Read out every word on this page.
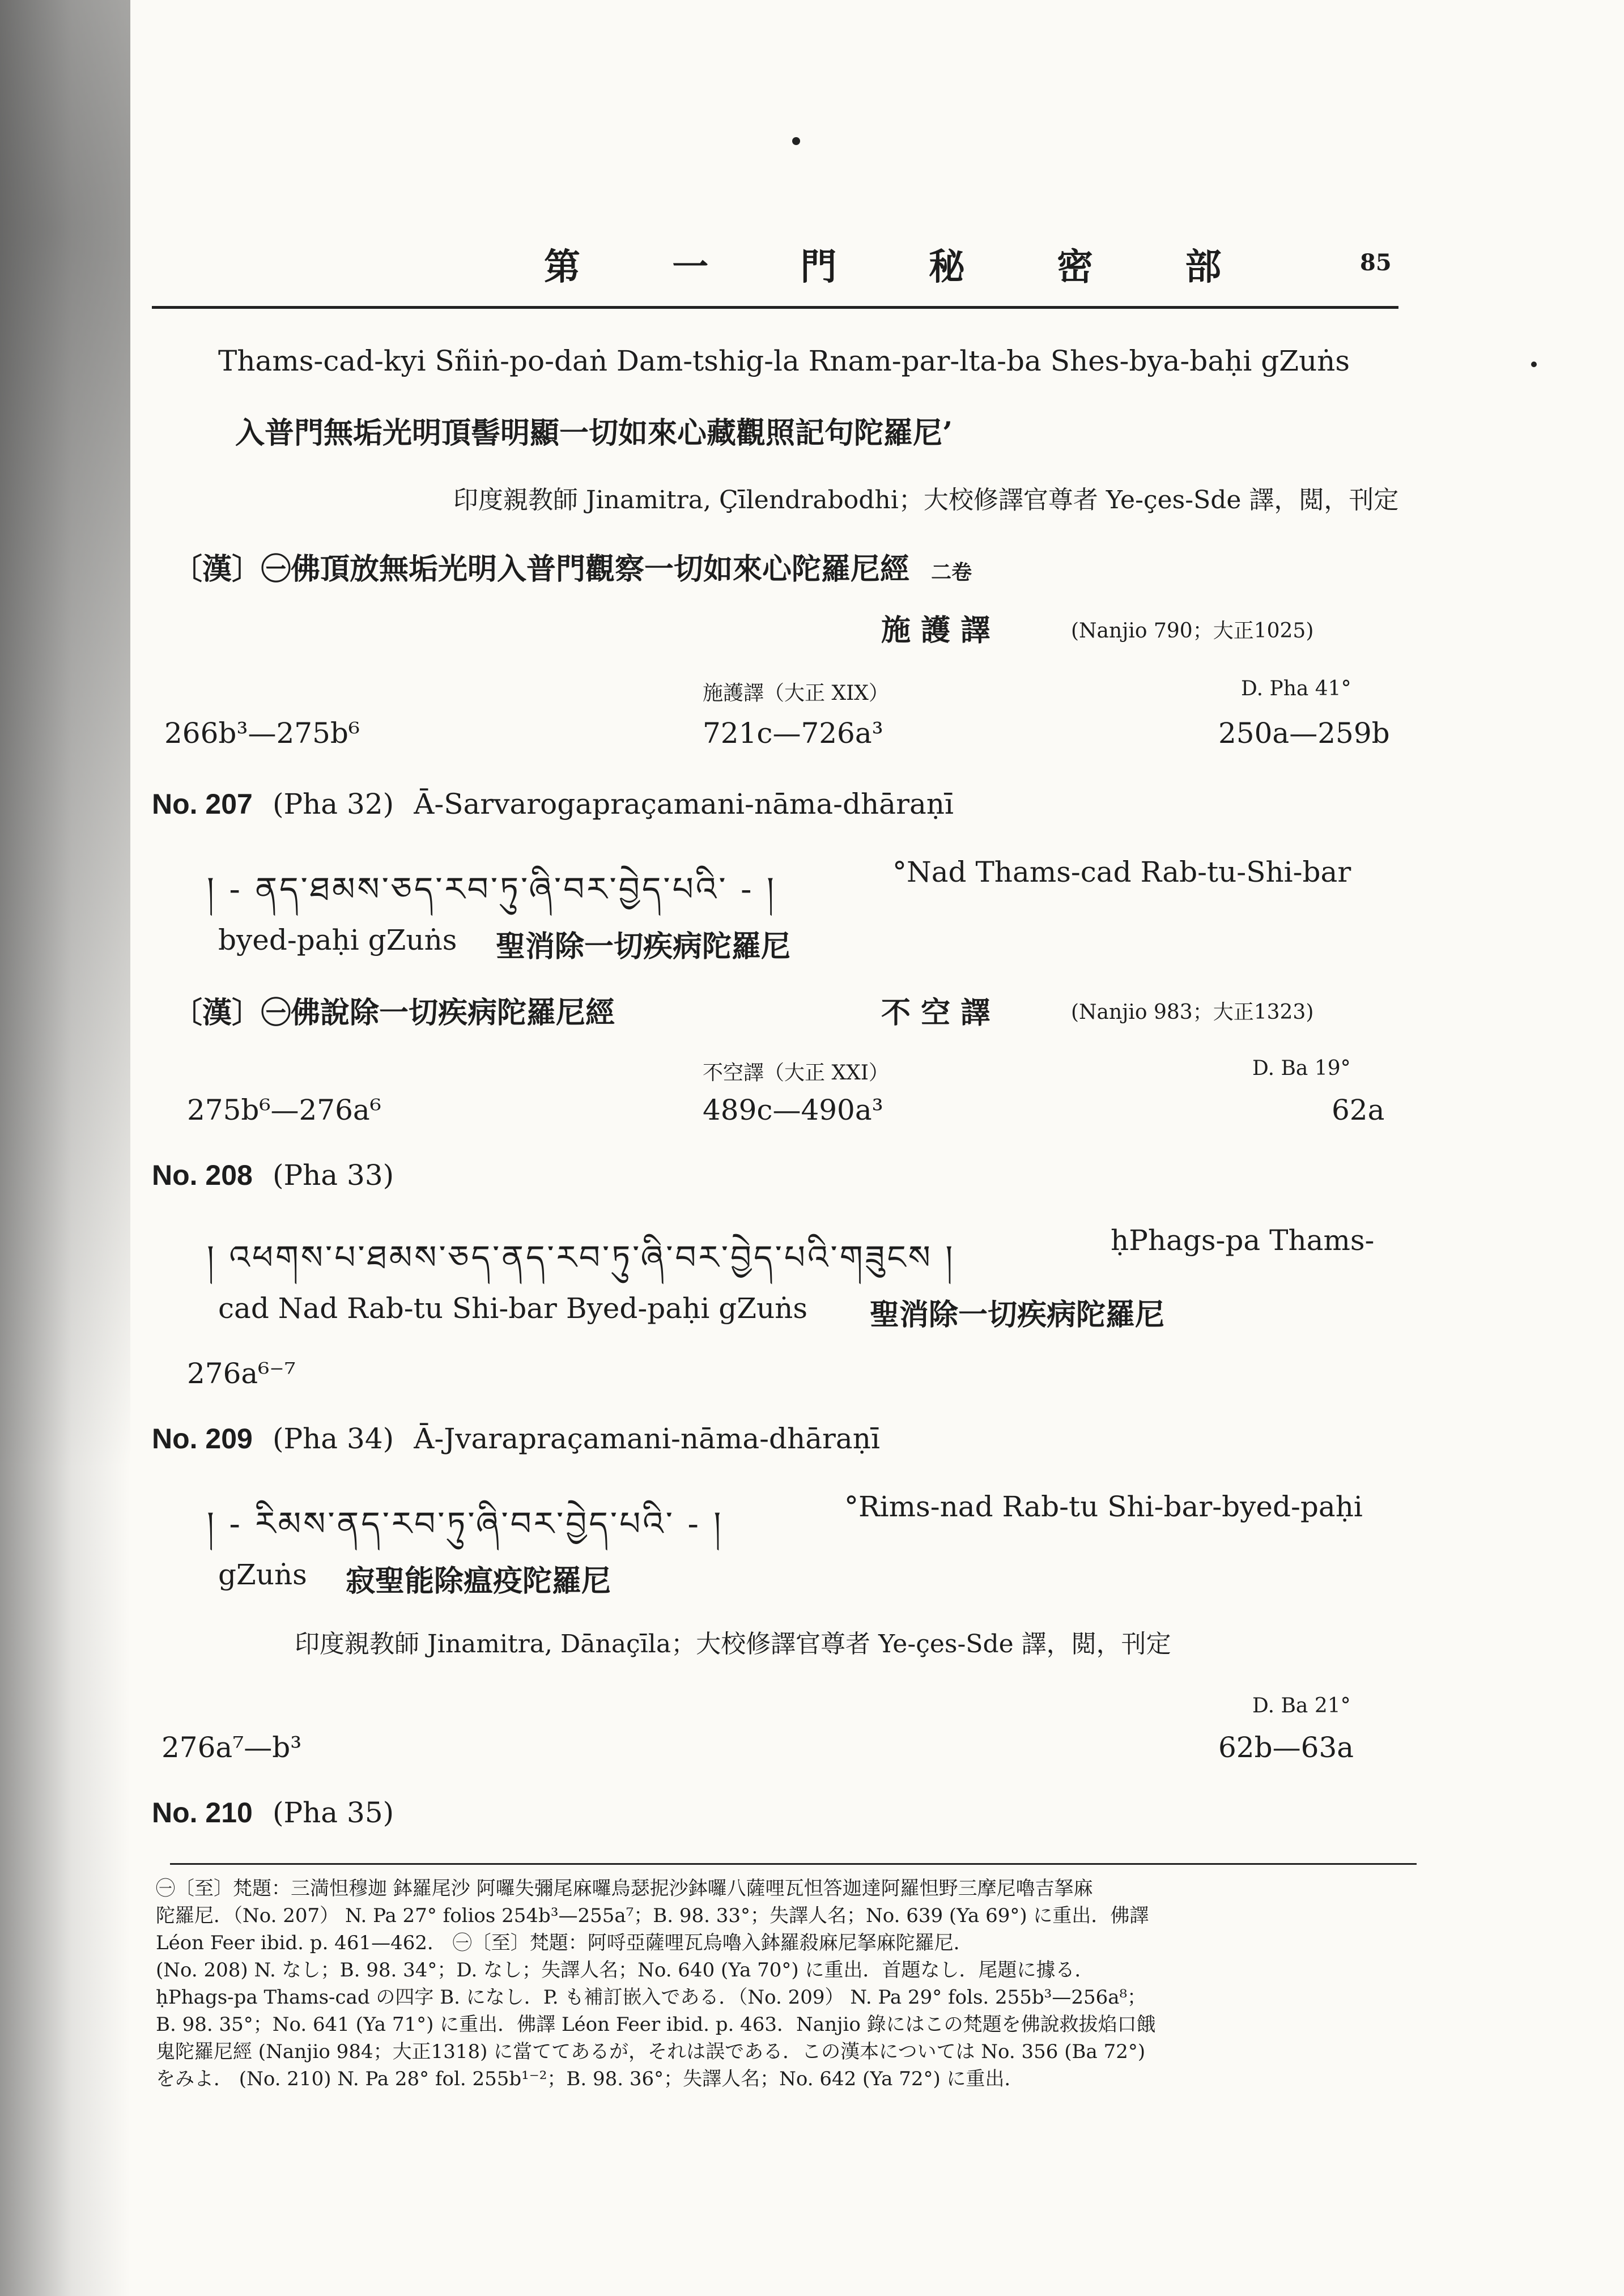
第 一 門 秘 密 部	85
Thams-cad-kyi Sñiṅ-po-daṅ Dam-tshig-la Rnam-par-lta-ba Shes-bya-baḥi gZuṅs
入普門無垢光明頂髻明顯一切如來心藏觀照記句陀羅尼’
印度親教師 Jinamitra, Çīlendrabodhi；大校修譯官尊者 Ye-çes-Sde 譯，閲，刊定
〔漢〕㊀佛頂放無垢光明入普門觀察一切如來心陀羅尼經 二卷
施 護 譯	(Nanjio 790；大正1025)
施護譯（大正 XIX）	D. Pha 41°
266b³—275b⁶	721c—726a³	250a—259b
No. 207 (Pha 32) Ā-Sarvarogapraçamani-nāma-dhāraṇī
། - ནད་ཐམས་ཅད་རབ་ཏུ་ཞི་བར་བྱེད་པའི་ - །	°Nad Thams-cad Rab-tu-Shi-bar
byed-paḥi gZuṅs 聖消除一切疾病陀羅尼
〔漢〕㊀佛說除一切疾病陀羅尼經	不 空 譯	(Nanjio 983；大正1323)
不空譯（大正 XXI）	D. Ba 19°
275b⁶—276a⁶	489c—490a³	62a
No. 208 (Pha 33)
། འཕགས་པ་ཐམས་ཅད་ནད་རབ་ཏུ་ཞི་བར་བྱེད་པའི་གཟུངས །	ḥPhags-pa Thams-
cad Nad Rab-tu Shi-bar Byed-paḥi gZuṅs 聖消除一切疾病陀羅尼
276a⁶⁻⁷
No. 209 (Pha 34) Ā-Jvarapraçamani-nāma-dhāraṇī
། - རིམས་ནད་རབ་ཏུ་ཞི་བར་བྱེད་པའི་ - །	°Rims-nad Rab-tu Shi-bar-byed-paḥi
gZuṅs 寂聖能除瘟疫陀羅尼
印度親教師 Jinamitra, Dānaçīla；大校修譯官尊者 Ye-çes-Sde 譯，閲，刊定
D. Ba 21°
276a⁷—b³	62b—63a
No. 210 (Pha 35)
㊀〔至〕梵題：三満怛穆迦 鉢羅尾沙 阿囉失彌尾麻囉烏瑟抳沙鉢囉八薩哩瓦怛答迦達阿羅怛野三摩尼嚕吉拏麻
陀羅尼．（No. 207） N. Pa 27° folios 254b³—255a⁷；B. 98. 33°；失譯人名；No. 639 (Ya 69°) に重出．佛譯
Léon Feer ibid. p. 461—462． ㊀〔至〕梵題：阿哷亞薩哩瓦烏嚕入鉢羅殺麻尼拏麻陀羅尼．
(No. 208) N. なし；B. 98. 34°；D. なし；失譯人名；No. 640 (Ya 70°) に重出．首題なし．尾題に據る．
ḥPhags-pa Thams-cad の四字 B. になし．P. も補訂嵌入である．（No. 209） N. Pa 29° fols. 255b³—256a⁸；
B. 98. 35°；No. 641 (Ya 71°) に重出．佛譯 Léon Feer ibid. p. 463．Nanjio 錄にはこの梵題を佛說救拔焰口餓
鬼陀羅尼經 (Nanjio 984；大正1318) に當ててあるが，それは誤である．この漢本については No. 356 (Ba 72°)
をみよ． (No. 210) N. Pa 28° fol. 255b¹⁻²；B. 98. 36°；失譯人名；No. 642 (Ya 72°) に重出．
